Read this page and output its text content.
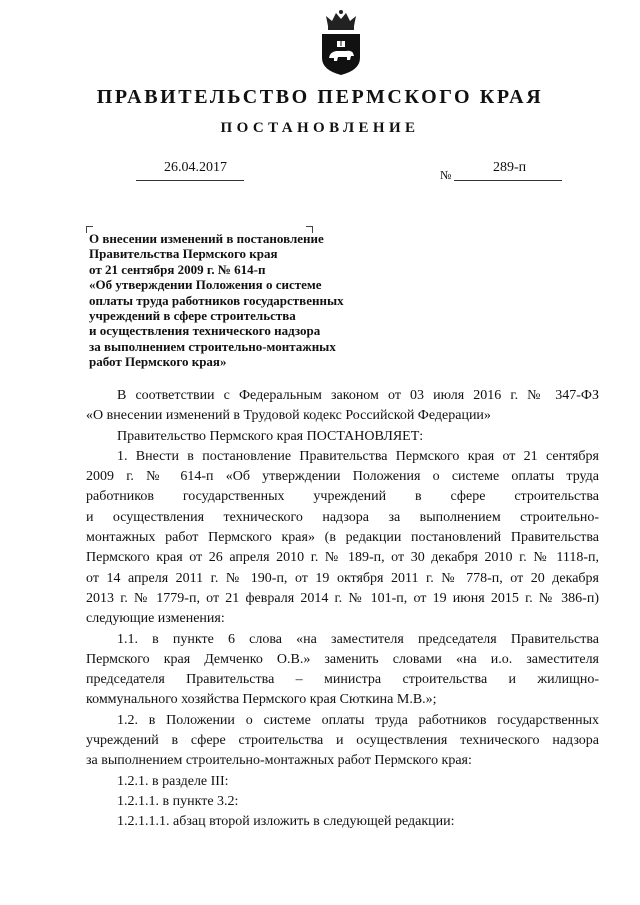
ПРАВИТЕЛЬСТВО ПЕРМСКОГО КРАЯ
ПОСТАНОВЛЕНИЕ
26.04.2017	№	289-п
О внесении изменений в постановление
Правительства Пермского края
от 21 сентября 2009 г. № 614-п
«Об утверждении Положения о системе
оплаты труда работников государственных
учреждений в сфере строительства
и осуществления технического надзора
за выполнением строительно-монтажных
работ Пермского края»
В соответствии с Федеральным законом от 03 июля 2016 г. № 347-ФЗ
«О внесении изменений в Трудовой кодекс Российской Федерации»
Правительство Пермского края ПОСТАНОВЛЯЕТ:
1. Внести в постановление Правительства Пермского края от 21 сентября
2009 г. № 614-п «Об утверждении Положения о системе оплаты труда
работников государственных учреждений в сфере строительства
и осуществления технического надзора за выполнением строительно-
монтажных работ Пермского края» (в редакции постановлений Правительства
Пермского края от 26 апреля 2010 г. № 189-п, от 30 декабря 2010 г. № 1118-п,
от 14 апреля 2011 г. № 190-п, от 19 октября 2011 г. № 778-п, от 20 декабря
2013 г. № 1779-п, от 21 февраля 2014 г. № 101-п, от 19 июня 2015 г. № 386-п)
следующие изменения:
1.1. в пункте 6 слова «на заместителя председателя Правительства
Пермского края Демченко О.В.» заменить словами «на и.о. заместителя
председателя Правительства – министра строительства и жилищно-
коммунального хозяйства Пермского края Сюткина М.В.»;
1.2. в Положении о системе оплаты труда работников государственных
учреждений в сфере строительства и осуществления технического надзора
за выполнением строительно-монтажных работ Пермского края:
1.2.1. в разделе III:
1.2.1.1. в пункте 3.2:
1.2.1.1.1. абзац второй изложить в следующей редакции:
